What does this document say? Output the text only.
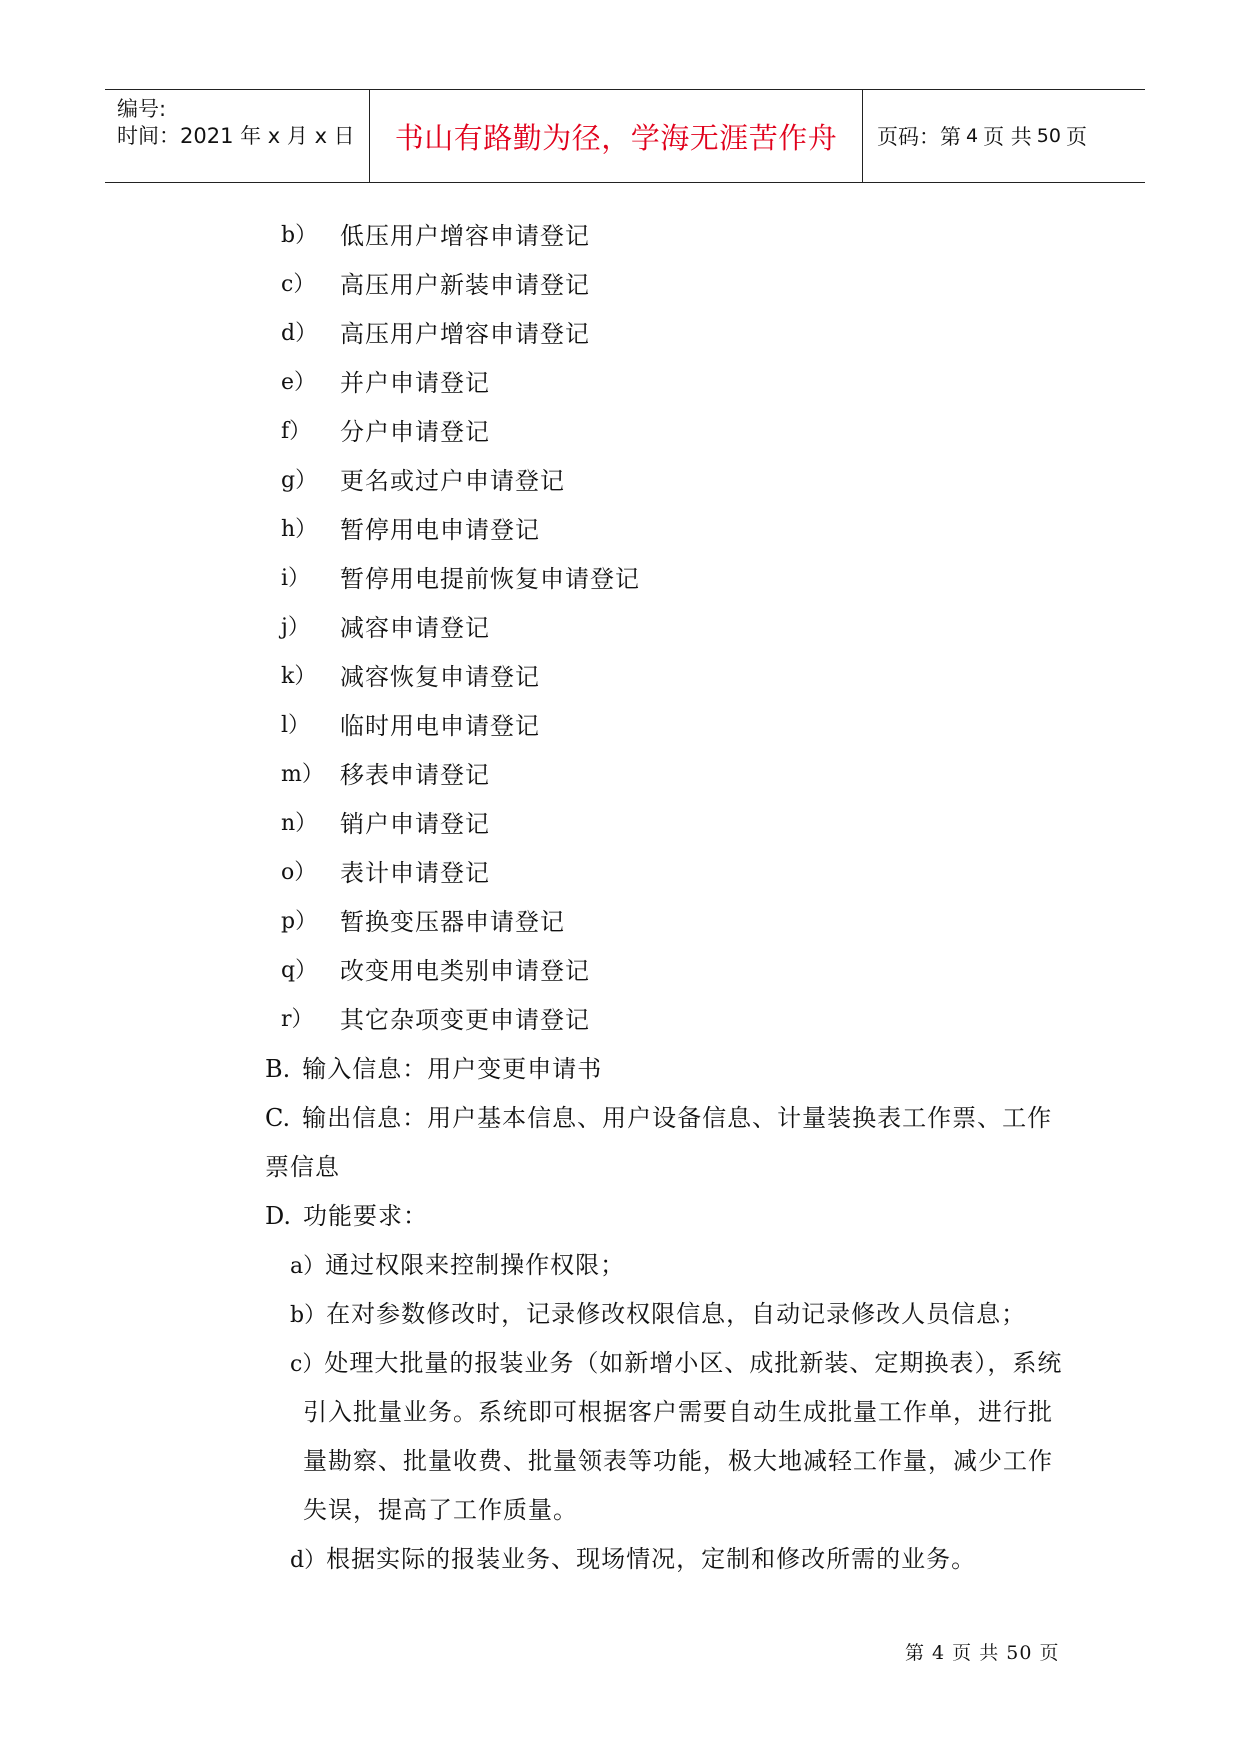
编号:
时间：2021 年 x 月 x 日 书山有路勤为径，学海无涯苦作舟 页码：第 4 页 共 50 页
b） 低压用户增容申请登记
c） 高压用户新装申请登记
d） 高压用户增容申请登记
e） 并户申请登记
f） 分户申请登记
g） 更名或过户申请登记
h） 暂停用电申请登记
i） 暂停用电提前恢复申请登记
j） 减容申请登记
k） 减容恢复申请登记
l） 临时用电申请登记
m） 移表申请登记
n） 销户申请登记
o） 表计申请登记
p） 暂换变压器申请登记
q） 改变用电类别申请登记
r） 其它杂项变更申请登记
B. 输入信息：用户变更申请书
C. 输出信息：用户基本信息、用户设备信息、计量装换表工作票、工作
票信息
D. 功能要求：
a）通过权限来控制操作权限；
b）在对参数修改时，记录修改权限信息，自动记录修改人员信息；
c）处理大批量的报装业务（如新增小区、成批新装、定期换表），系统
引入批量业务。系统即可根据客户需要自动生成批量工作单，进行批
量勘察、批量收费、批量领表等功能，极大地减轻工作量，减少工作
失误，提高了工作质量。
d）根据实际的报装业务、现场情况，定制和修改所需的业务。
第 4 页 共 50 页
